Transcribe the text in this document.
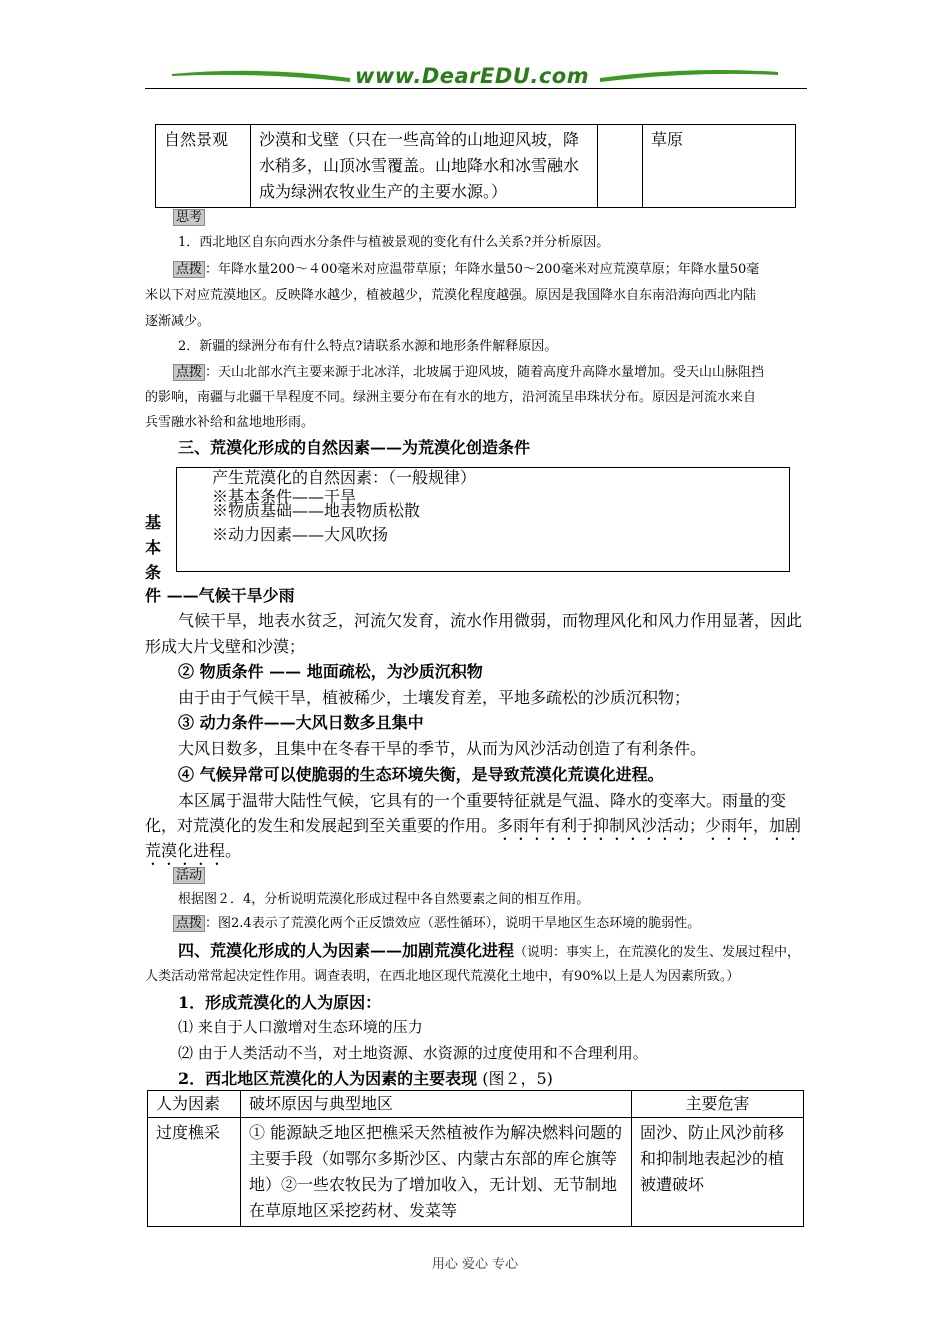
www.DearEDU.com
自然景观	沙漠和戈壁（只在一些高耸的山地迎风坡，降水稍多，山顶冰雪覆盖。山地降水和冰雪融水成为绿洲农牧业生产的主要水源。）		草原
思考
1．西北地区自东向西水分条件与植被景观的变化有什么关系?并分析原因。
点拨 ：年降水量200～４00毫米对应温带草原；年降水量50～200毫米对应荒漠草原；年降水量50毫
米以下对应荒漠地区。反映降水越少，植被越少，荒漠化程度越强。原因是我国降水自东南沿海向西北内陆
逐渐减少。
2．新疆的绿洲分布有什么特点?请联系水源和地形条件解释原因。
点拨 ：天山北部水汽主要来源于北冰洋，北坡属于迎风坡，随着高度升高降水量增加。受天山山脉阻挡
的影响，南疆与北疆干旱程度不同。绿洲主要分布在有水的地方，沿河流呈串珠状分布。原因是河流水来自
兵雪融水补给和盆地地形雨。
三、荒漠化形成的自然因素——为荒漠化创造条件
产生荒漠化的自然因素：（一般规律）
※基本条件——干旱
※物质基础——地表物质松散
※动力因素——大风吹扬
基
本
条
件 ——气候干旱少雨
气候干旱，地表水贫乏，河流欠发育，流水作用微弱，而物理风化和风力作用显著，因此
形成大片戈壁和沙漠；
② 物质条件 —— 地面疏松，为沙质沉积物
由于由于气候干旱，植被稀少，土壤发育差，平地多疏松的沙质沉积物；
③ 动力条件——大风日数多且集中
大风日数多，且集中在冬春干旱的季节，从而为风沙活动创造了有利条件。
④ 气候异常可以使脆弱的生态环境失衡，是导致荒漠化荒谟化进程。
本区属于温带大陆性气候，它具有的一个重要特征就是气温、降水的变率大。雨量的变
化，对荒漠化的发生和发展起到至关重要的作用。多雨年有利于抑制风沙活动；少雨年，加剧
荒漠化进程。
活动
根据图２．4，分析说明荒漠化形成过程中各自然要素之间的相互作用。
点拨 ：图2.4表示了荒漠化两个正反馈效应（恶性循环），说明干旱地区生态环境的脆弱性。
四、荒漠化形成的人为因素——加剧荒漠化进程（说明：事实上，在荒漠化的发生、发展过程中，
人类活动常常起决定性作用。调查表明，在西北地区现代荒漠化土地中，有90%以上是人为因素所致。）
1．形成荒漠化的人为原因：
⑴ 来自于人口激增对生态环境的压力
⑵ 由于人类活动不当，对土地资源、水资源的过度使用和不合理利用。
2．西北地区荒漠化的人为因素的主要表现 (图２，5)
人为因素	破坏原因与典型地区	主要危害
过度樵采	① 能源缺乏地区把樵采天然植被作为解决燃料问题的主要手段（如鄂尔多斯沙区、内蒙古东部的库仑旗等地）②一些农牧民为了增加收入，无计划、无节制地在草原地区采挖药材、发菜等	固沙、防止风沙前移和抑制地表起沙的植被遭破坏
用心 爱心 专心
